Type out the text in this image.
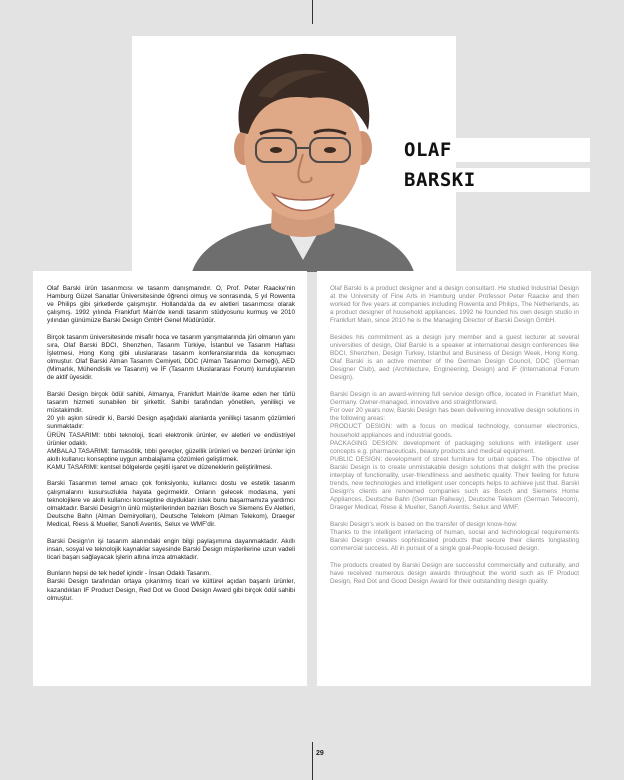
OLAF
BARSKI

Olaf Barski ürün tasarımcısı ve tasarım danışmanıdır. O, Prof. Peter Raacke'nin Hamburg Güzel Sanatlar Üniversitesinde öğrenci olmuş ve sonrasında, 5 yıl Rowenta ve Philips gibi şirketlerde çalışmıştır. Hollanda'da da ev aletleri tasarımcısı olarak çalışmış. 1992 yılında Frankfurt Main'de kendi tasarım stüdyosunu kurmuş ve 2010 yılından günümüze Barski Design GmbH Genel Müdürüdür.

Birçok tasarım üniversitesinde misafir hoca ve tasarım yarışmalarında jüri olmanın yanı sıra, Olaf Barski BDCI, Shenzhen, Tasarım Türkiye, İstanbul ve Tasarım Haftası İşletmesi, Hong Kong gibi uluslararası tasarım konferanslarında da konuşmacı olmuştur. Olaf Barski Alman Tasarım Cemiyeti, DDC (Alman Tasarımcı Derneği), AED (Mimarlık, Mühendislik ve Tasarım) ve İF (Tasarım Uluslararası Forum) kuruluşlarının de aktif üyesidir.

Barski Design birçok ödül sahibi, Almanya, Frankfurt Main'de ikame eden her türlü tasarım hizmeti sunabilen bir şirkettir. Sahibi tarafından yönetilen, yenilikçi ve müstakimdir.
20 yılı aşkın süredir ki, Barski Design aşağıdaki alanlarda yenilikçi tasarım çözümleri sunmaktadır:
ÜRÜN TASARIMI: tıbbi teknoloji, ticari elektronik ürünler, ev aletleri ve endüstriyel ürünler odaklı.
AMBALAJ TASARIMI: farmasötik, tıbbi gereçler, güzellik ürünleri ve benzeri ürünler için akıllı kullanıcı konseptine uygun ambalajlama çözümleri geliştirmek.
KAMU TASARIMI: kentsel bölgelerde çeşitli işaret ve düzeneklerin geliştirilmesi.

Barski Tasarımın temel amacı çok fonksiyonlu, kullanıcı dostu ve estetik tasarım çalışmalarını kusursuzlukla hayata geçirmektir. Onların gelecek modasına, yeni teknolojilere ve akıllı kullanıcı konseptine duydukları istek bunu başarmamıza yardımcı olmaktadır. Barski Design'ın ünlü müşterilerinden bazıları Bosch ve Siemens Ev Aletleri, Deutsche Bahn (Alman Demiryolları), Deutsche Telekom (Alman Telekom), Draeger Medical, Riess & Mueller, Sanofi Aventis, Selux ve WMF'dir.

Barski Design'ın işi tasarım alanındaki engin bilgi paylaşımına dayanmaktadır. Akıllı insan, sosyal ve teknolojik kaynaklar sayesinde Barski Design müşterilerine uzun vadeli ticari başarı sağlayacak işlerin altına imza atmaktadır.

Bunların hepsi de tek hedef içindir - İnsan Odaklı Tasarım.
Barski Design tarafından ortaya çıkarılmış ticari ve kültürel açıdan başarılı ürünler, kazandıkları IF Product Design, Red Dot ve Good Design Award gibi birçok ödül sahibi olmuştur.

Olaf Barski is a product designer and a design consultant. He studied Industrial Design at the University of Fine Arts in Hamburg under Professor Peter Raacke and then worked for five years at companies including Rowenta and Philips, The Netherlands, as a product designer of household appliances. 1992 he founded his own design studio in Frankfurt Main, since 2010 he is the Managing Director of Barski Design GmbH.

Besides his commitment as a design jury member and a guest lecturer at several universities of design, Olaf Barski is a speaker at international design conferences like BDCI, Shenzhen, Design Turkey, Istanbul and Business of Design Week, Hong Kong. Olaf Barski is an active member of the German Design Council, DDC (German Designer Club), aed (Architecture, Engineering, Design) and iF (International Forum Design).

Barski Design is an award-winning full service design office, located in Frankfurt Main, Germany. Owner-managed, innovative and straightforward.
For over 20 years now, Barski Design has been delivering innovative design solutions in the following areas:
PRODUCT DESIGN: with a focus on medical technology, consumer electronics, household appliances and industrial goods.
PACKAGING DESIGN: development of packaging solutions with intelligent user concepts e.g. pharmaceuticals, beauty products and medical equipment.
PUBLIC DESIGN: development of street furniture for urban spaces. The objective of Barski Design is to create unmistakable design solutions that delight with the precise interplay of functionality, user-friendliness and aesthetic quality. Their feeling for future trends, new technologies and intelligent user concepts helps to achieve just that. Barski Design's clients are renowned companies such as Bosch and Siemens Home Appliances, Deutsche Bahn (German Railway), Deutsche Telekom (German Telecom), Draeger Medical, Riese & Mueller, Sanofi Aventis, Selux and WMF.

Barski Design's work is based on the transfer of design know-how:
Thanks to the intelligent interlacing of human, social and technological requirements Barski Design creates sophisticated products that secure their clients longlasting commercial success. All in pursuit of a single goal-People-focused design.

The products created by Barski Design are successful commercially and culturally, and have received numerous design awards throughout the world such as IF Product Design, Red Dot and Good Design Award for their outstanding design quality.

29
